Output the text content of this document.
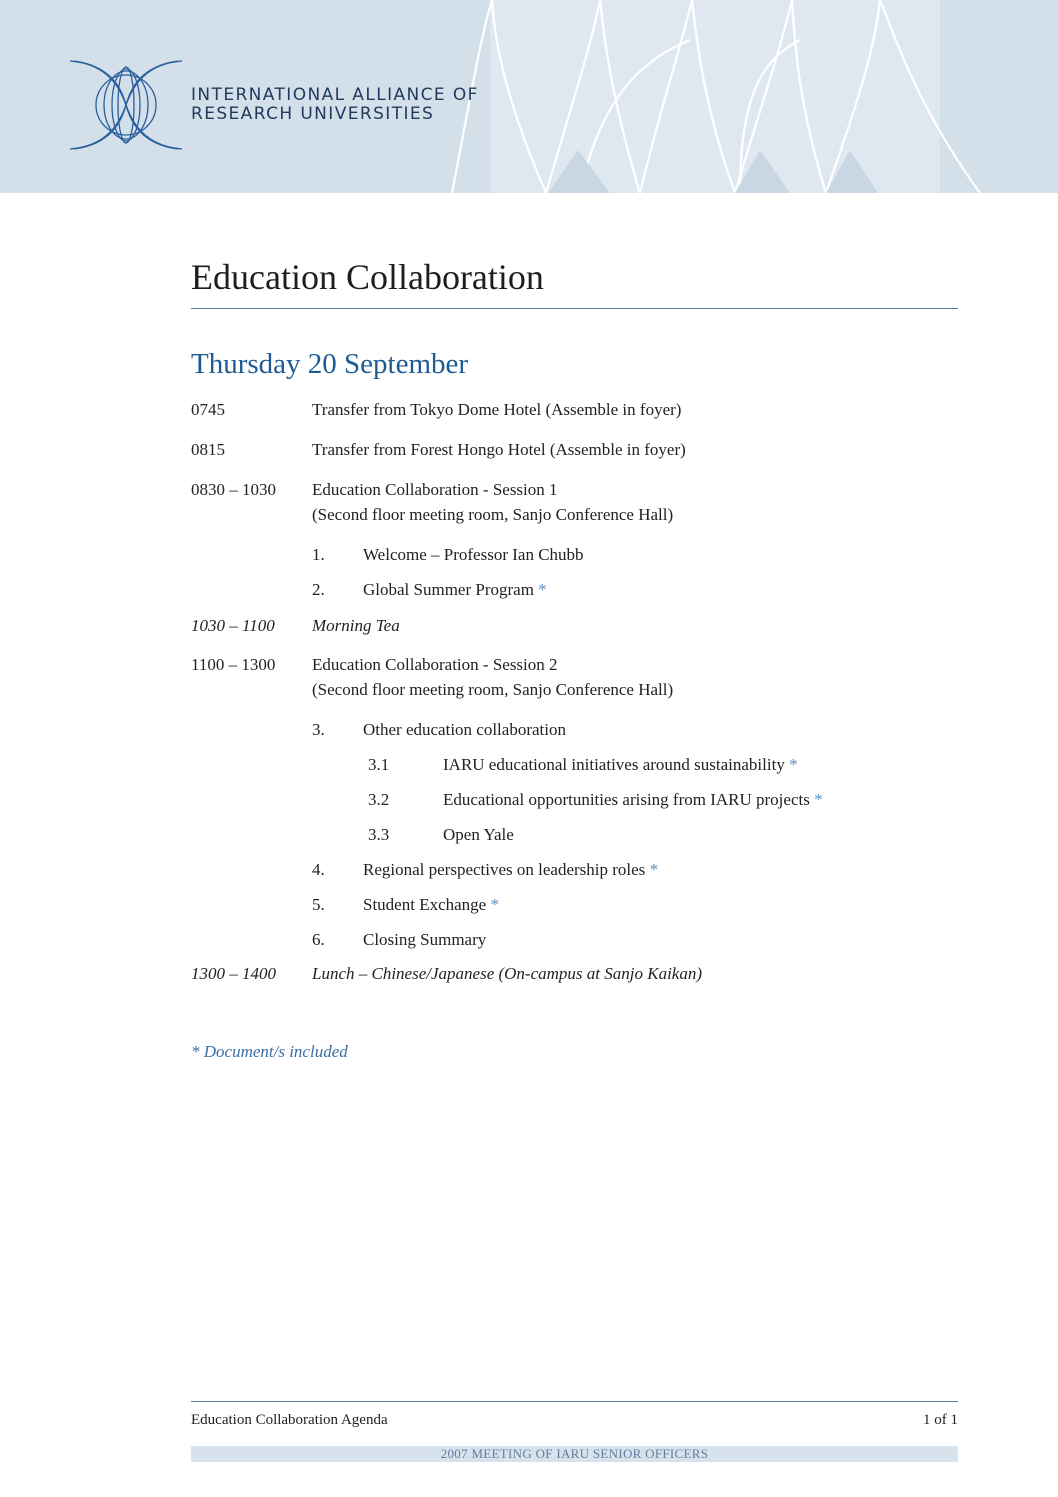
INTERNATIONAL ALLIANCE OF
RESEARCH UNIVERSITIES
Education Collaboration
Thursday 20 September
0745	Transfer from Tokyo Dome Hotel (Assemble in foyer)
0815	Transfer from Forest Hongo Hotel (Assemble in foyer)
0830 – 1030 Education Collaboration - Session 1
(Second floor meeting room, Sanjo Conference Hall)
1. Welcome – Professor Ian Chubb
2. Global Summer Program *
1030 – 1100 Morning Tea
1100 – 1300 Education Collaboration - Session 2
(Second floor meeting room, Sanjo Conference Hall)
3. Other education collaboration
3.1	IARU educational initiatives around sustainability *
3.2	Educational opportunities arising from IARU projects *
3.3	Open Yale
4. Regional perspectives on leadership roles *
5. Student Exchange *
6. Closing Summary
1300 – 1400 Lunch – Chinese/Japanese (On-campus at Sanjo Kaikan)
* Document/s included
Education Collaboration Agenda	1 of 1
2007 MEETING OF IARU SENIOR OFFICERS
